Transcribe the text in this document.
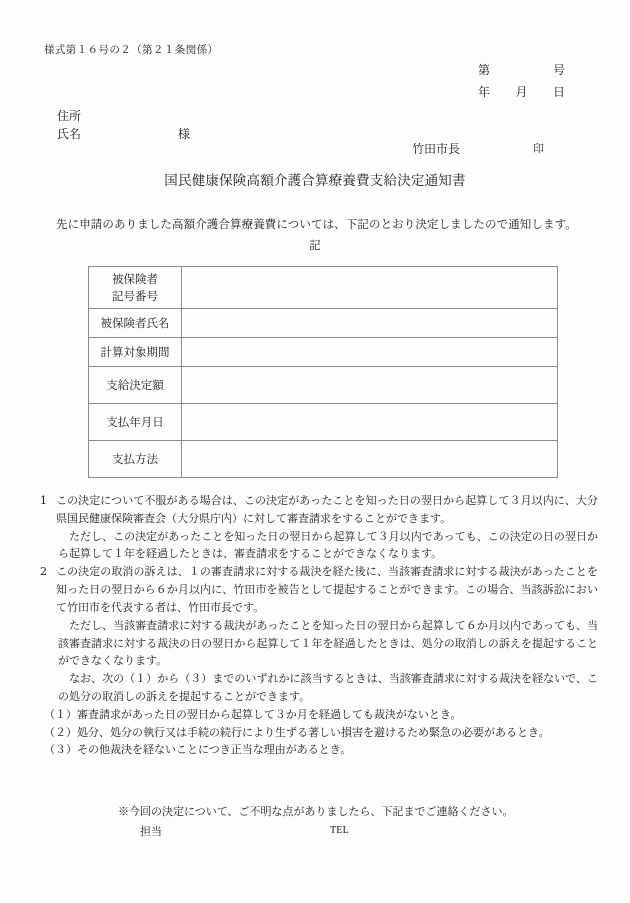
様式第１６号の２（第２１条関係）
第　　　　　号
年　　月　　日
住所
氏名	様
竹田市長	印
国民健康保険高額介護合算療養費支給決定通知書
先に申請のありました高額介護合算療養費については、下記のとおり決定しましたので通知します。
記
被保険者
記号番号	

被保険者氏名	

計算対象期間	

支給決定額	

支払年月日	

支払方法	

1 この決定について不服がある場合は、この決定があったことを知った日の翌日から起算して３月以内に、大分県国民健康保険審査会（大分県庁内）に対して審査請求をすることができます。
ただし、この決定があったことを知った日の翌日から起算して３月以内であっても、この決定の日の翌日から起算して１年を経過したときは、審査請求をすることができなくなります。
2 この決定の取消の訴えは、１の審査請求に対する裁決を経た後に、当該審査請求に対する裁決があったことを知った日の翌日から６か月以内に、竹田市を被告として提起することができます。この場合、当該訴訟において竹田市を代表する者は、竹田市長です。
ただし、当該審査請求に対する裁決があったことを知った日の翌日から起算して６か月以内であっても、当該審査請求に対する裁決の日の翌日から起算して１年を経過したときは、処分の取消しの訴えを提起することができなくなります。
なお、次の（１）から（３）までのいずれかに該当するときは、当該審査請求に対する裁決を経ないで、この処分の取消しの訴えを提起することができます。
（１）審査請求があった日の翌日から起算して３か月を経過しても裁決がないとき。
（２）処分、処分の執行又は手続の続行により生ずる著しい損害を避けるため緊急の必要があるとき。
（３）その他裁決を経ないことにつき正当な理由があるとき。
※今回の決定について、ご不明な点がありましたら、下記までご連絡ください。
担当	TEL
